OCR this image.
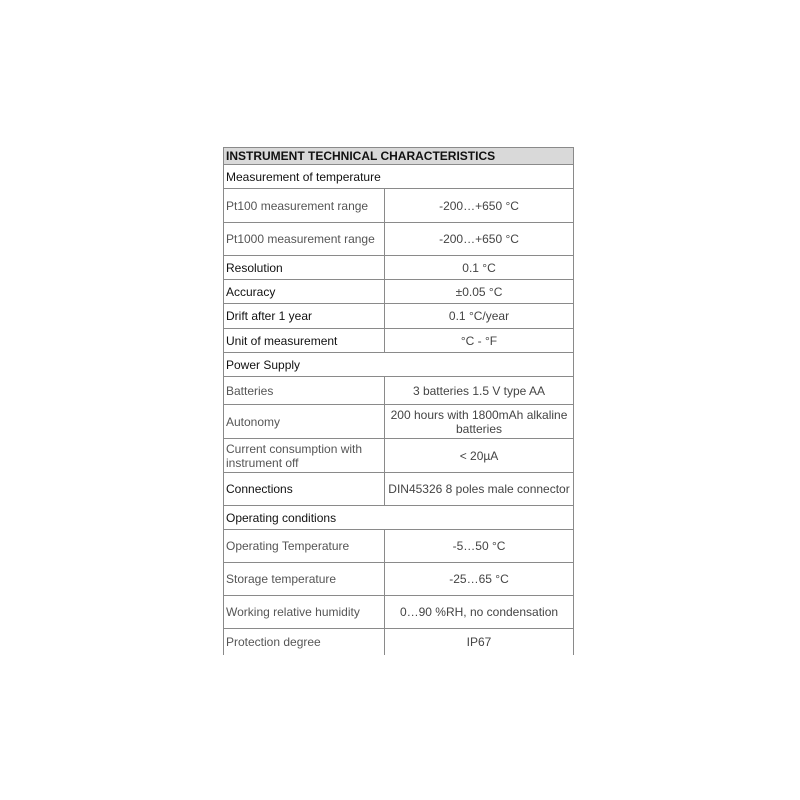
INSTRUMENT TECHNICAL CHARACTERISTICS	
Measurement of temperature	
Pt100 measurement range	-200…+650 °C
Pt1000 measurement range	-200…+650 °C
Resolution	0.1 °C
Accuracy	±0.05 °C
Drift after 1 year	0.1 °C/year
Unit of measurement	°C - °F
Power Supply	
Batteries	3 batteries 1.5 V type AA
Autonomy	200 hours with 1800mAh alkaline batteries
Current consumption with instrument off	< 20µA
Connections	DIN45326 8 poles male connector
Operating conditions	
Operating Temperature	-5…50 °C
Storage temperature	-25…65 °C
Working relative humidity	0…90 %RH, no condensation
Protection degree	IP67
